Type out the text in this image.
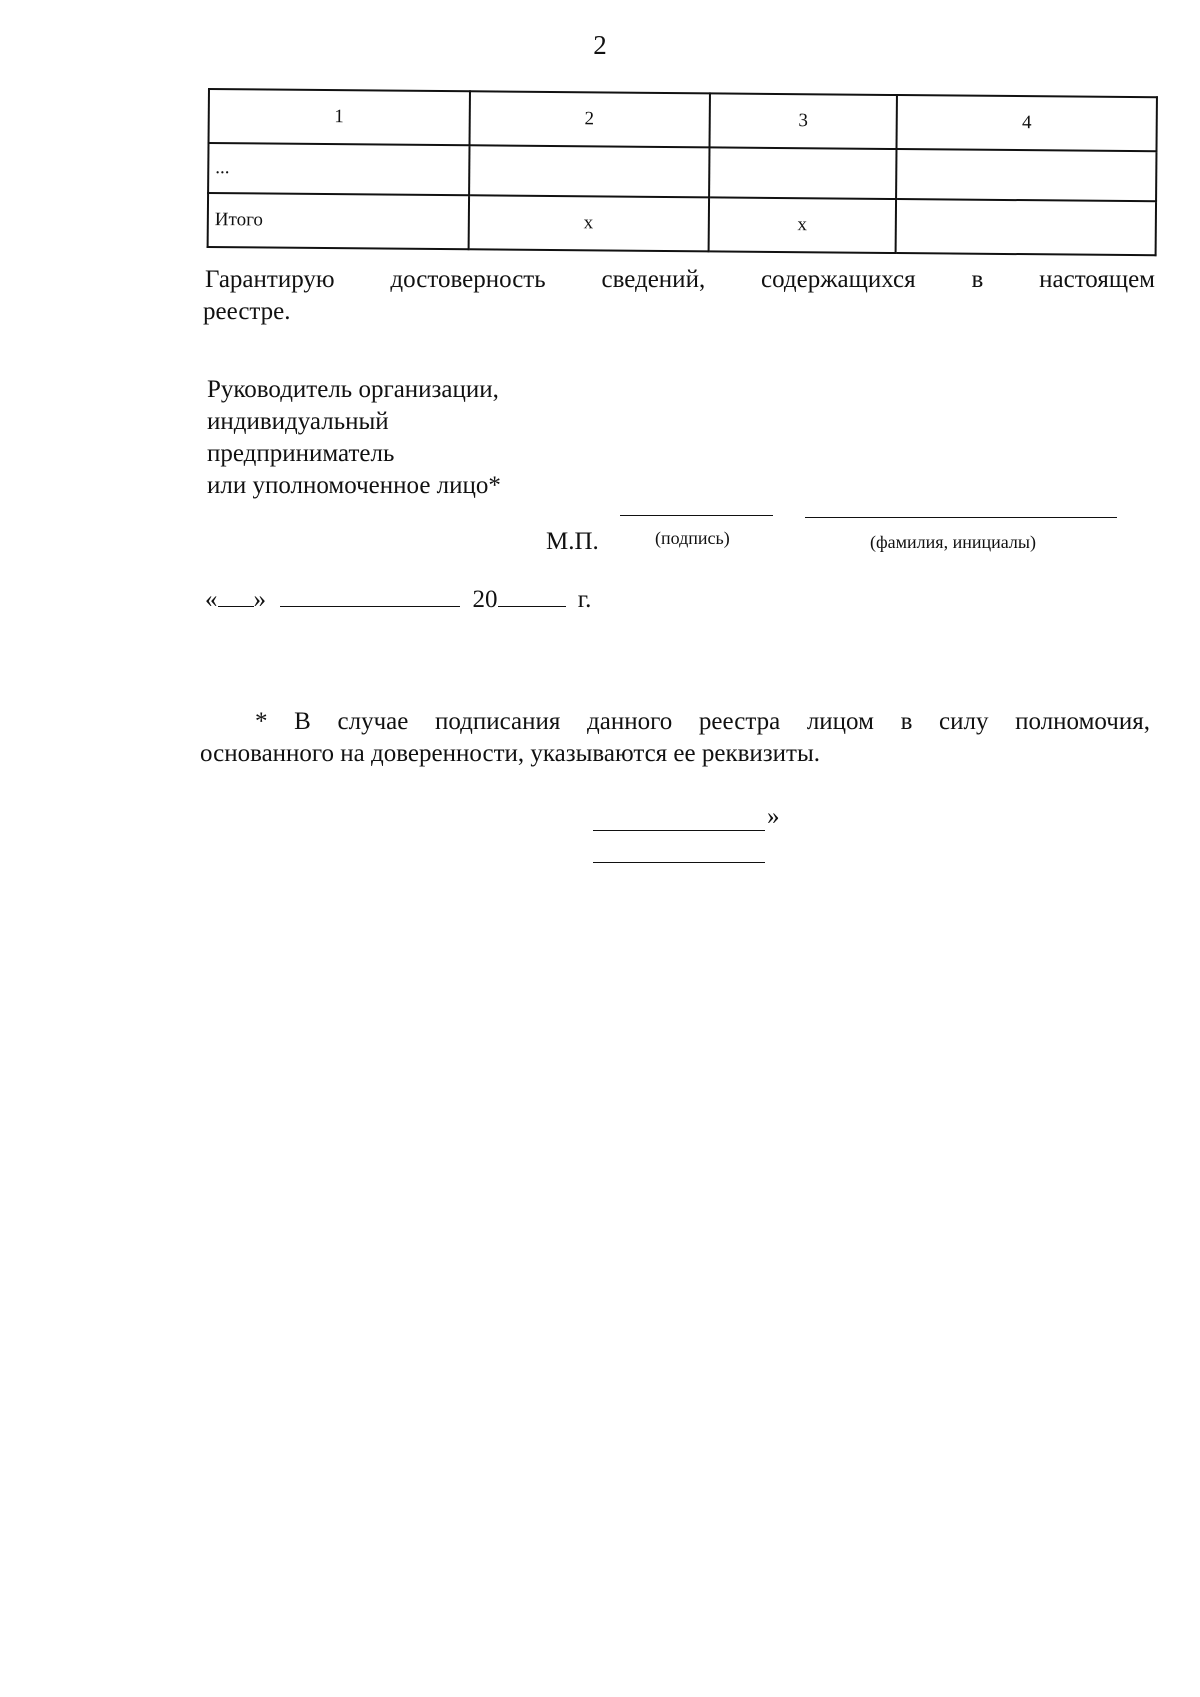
2
1	2	3	4
...			
Итого	х	х	
Гарантирую достоверность сведений, содержащихся в настоящем
реестре.
Руководитель организации,
индивидуальный
предприниматель
или уполномоченное лицо*
М.П.	(подпись)	(фамилия, инициалы)
« »	20	г.
* В случае подписания данного реестра лицом в силу полномочия,
основанного на доверенности, указываются ее реквизиты.
»
